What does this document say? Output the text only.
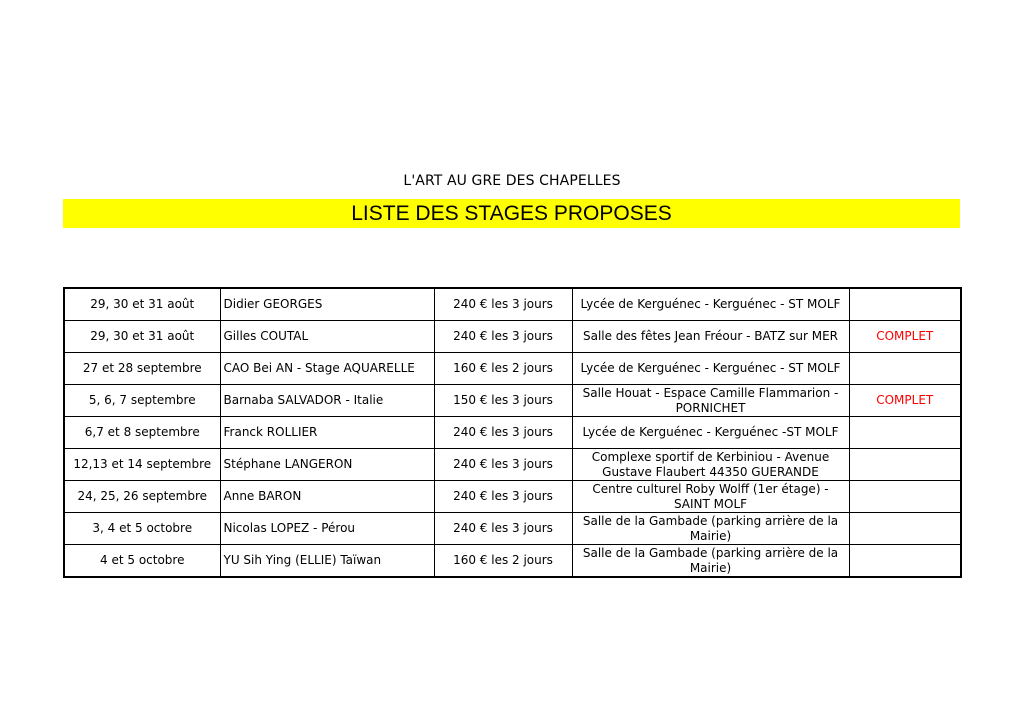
L'ART AU GRE DES CHAPELLES
LISTE DES STAGES PROPOSES
29, 30 et 31 août	Didier GEORGES	240 € les 3 jours	Lycée de Kerguénec - Kerguénec - ST MOLF	
29, 30 et 31 août	Gilles COUTAL	240 € les 3 jours	Salle des fêtes Jean Fréour - BATZ sur MER	COMPLET
27 et 28 septembre	CAO Bei AN - Stage AQUARELLE	160 € les 2 jours	Lycée de Kerguénec - Kerguénec - ST MOLF	
5, 6, 7 septembre	Barnaba SALVADOR - Italie	150 € les 3 jours	Salle Houat - Espace Camille Flammarion - PORNICHET	COMPLET
6,7 et 8 septembre	Franck ROLLIER	240 € les 3 jours	Lycée de Kerguénec - Kerguénec -ST MOLF	
12,13 et 14 septembre	Stéphane LANGERON	240 € les 3 jours	Complexe sportif de Kerbiniou - Avenue Gustave Flaubert 44350 GUERANDE	
24, 25, 26 septembre	Anne BARON	240 € les 3 jours	Centre culturel Roby Wolff (1er étage) - SAINT MOLF	
3, 4 et 5 octobre	Nicolas LOPEZ - Pérou	240 € les 3 jours	Salle de la Gambade (parking arrière de la Mairie)	
4 et 5 octobre	YU Sih Ying (ELLIE) Taïwan	160 € les 2 jours	Salle de la Gambade (parking arrière de la Mairie)	
